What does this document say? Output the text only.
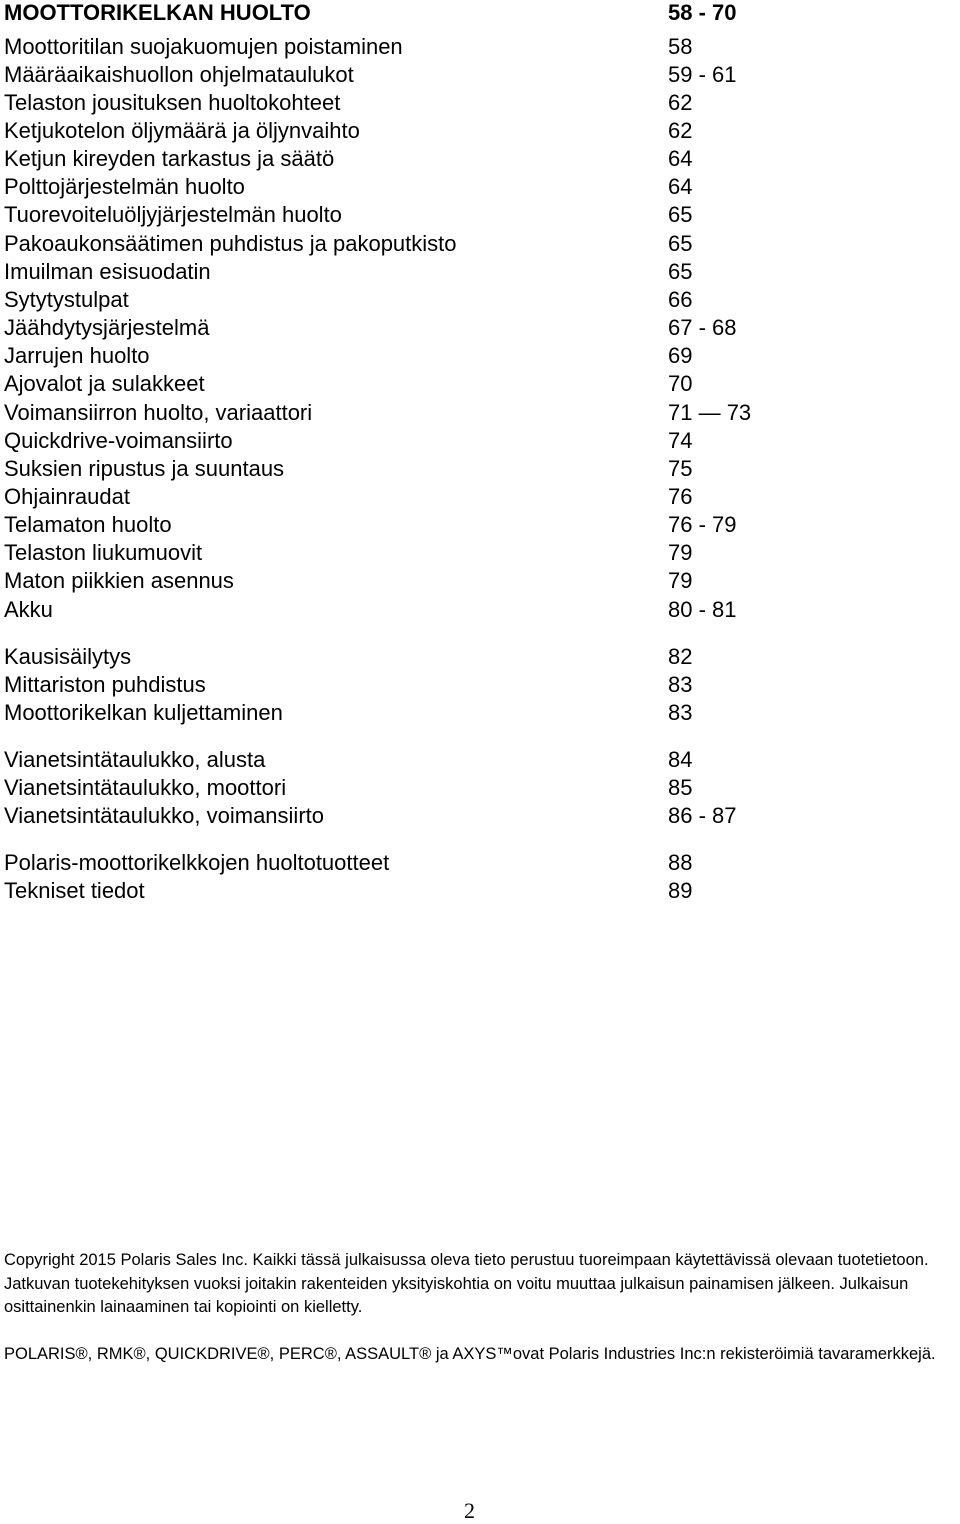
MOOTTORIKELKAN HUOLTO	58 - 70
Moottoritilan suojakuomujen poistaminen	58
Määräaikaishuollon ohjelmataulukot	59 - 61
Telaston jousituksen huoltokohteet	62
Ketjukotelon öljymäärä ja öljynvaihto	62
Ketjun kireyden tarkastus ja säätö	64
Polttojärjestelmän huolto	64
Tuorevoiteluöljyjärjestelmän huolto	65
Pakoaukonsäätimen puhdistus ja pakoputkisto	65
Imuilman esisuodatin	65
Sytytystulpat	66
Jäähdytysjärjestelmä	67 - 68
Jarrujen huolto	69
Ajovalot ja sulakkeet	70
Voimansiirron huolto, variaattori	71 — 73
Quickdrive-voimansiirto	74
Suksien ripustus ja suuntaus	75
Ohjainraudat	76
Telamaton huolto	76 - 79
Telaston liukumuovit	79
Maton piikkien asennus	79
Akku	80 - 81
Kausisäilytys	82
Mittariston puhdistus	83
Moottorikelkan kuljettaminen	83
Vianetsintätaulukko, alusta	84
Vianetsintätaulukko, moottori	85
Vianetsintätaulukko, voimansiirto	86 - 87
Polaris-moottorikelkkojen huoltotuotteet	88
Tekniset tiedot	89
Copyright 2015 Polaris Sales Inc. Kaikki tässä julkaisussa oleva tieto perustuu tuoreimpaan käytettävissä olevaan tuotetietoon. Jatkuvan tuotekehityksen vuoksi joitakin rakenteiden yksityiskohtia on voitu muuttaa julkaisun painamisen jälkeen. Julkaisun osittainenkin lainaaminen tai kopiointi on kielletty.
POLARIS®, RMK®, QUICKDRIVE®, PERC®, ASSAULT® ja AXYS™ovat Polaris Industries Inc:n rekisteröimiä tavaramerkkejä.
2
